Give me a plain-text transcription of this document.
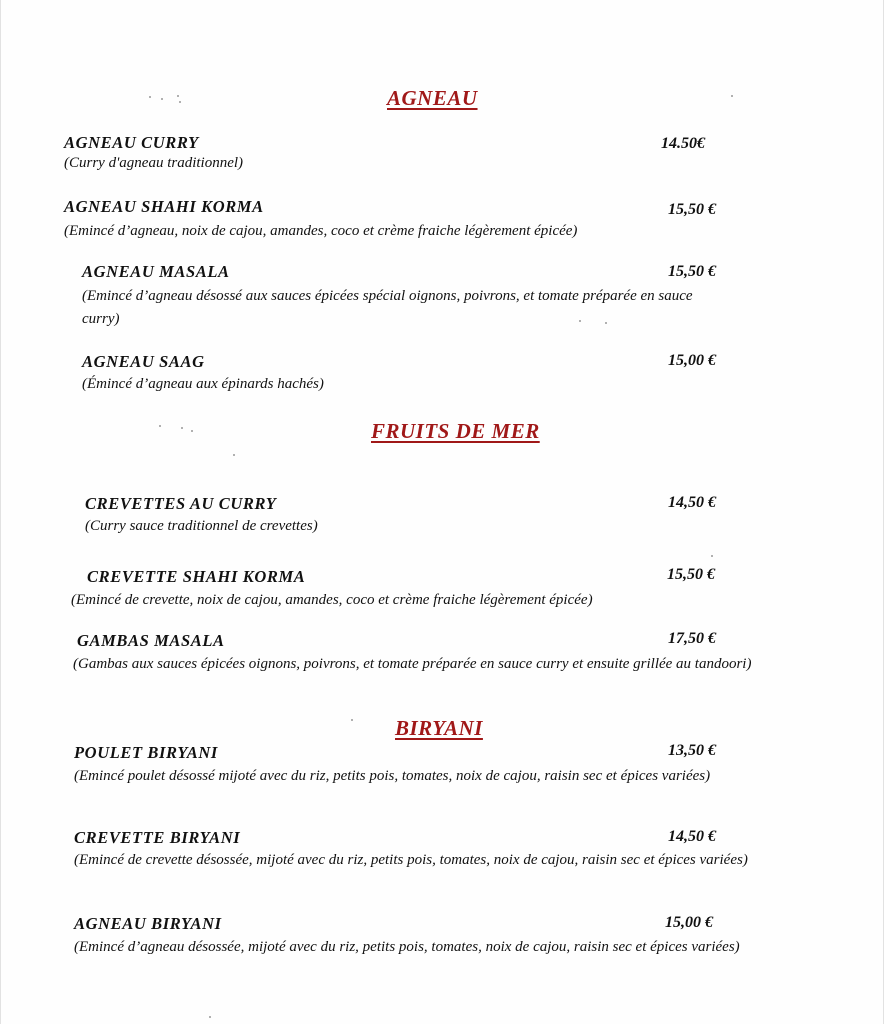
AGNEAU
AGNEAU CURRY	14.50€
(Curry d'agneau traditionnel)
AGNEAU SHAHI KORMA	15,50 €
(Emincé d’agneau, noix de cajou, amandes, coco et crème fraiche légèrement épicée)
AGNEAU MASALA	15,50 €
(Emincé d’agneau désossé aux sauces épicées spécial oignons, poivrons, et tomate préparée en sauce curry)
AGNEAU SAAG	15,00 €
(Émincé d’agneau aux épinards hachés)
FRUITS DE MER
CREVETTES AU CURRY	14,50 €
(Curry sauce traditionnel de crevettes)
CREVETTE SHAHI KORMA	15,50 €
(Emincé de crevette, noix de cajou, amandes, coco et crème fraiche légèrement épicée)
GAMBAS MASALA	17,50 €
(Gambas aux sauces épicées oignons, poivrons, et tomate préparée en sauce curry et ensuite grillée au tandoori)
BIRYANI
POULET BIRYANI	13,50 €
(Emincé poulet désossé mijoté avec du riz, petits pois, tomates, noix de cajou, raisin sec et épices variées)
CREVETTE BIRYANI	14,50 €
(Emincé de crevette désossée, mijoté avec du riz, petits pois, tomates, noix de cajou, raisin sec et épices variées)
AGNEAU BIRYANI	15,00 €
(Emincé d’agneau désossée, mijoté avec du riz, petits pois, tomates, noix de cajou, raisin sec et épices variées)
